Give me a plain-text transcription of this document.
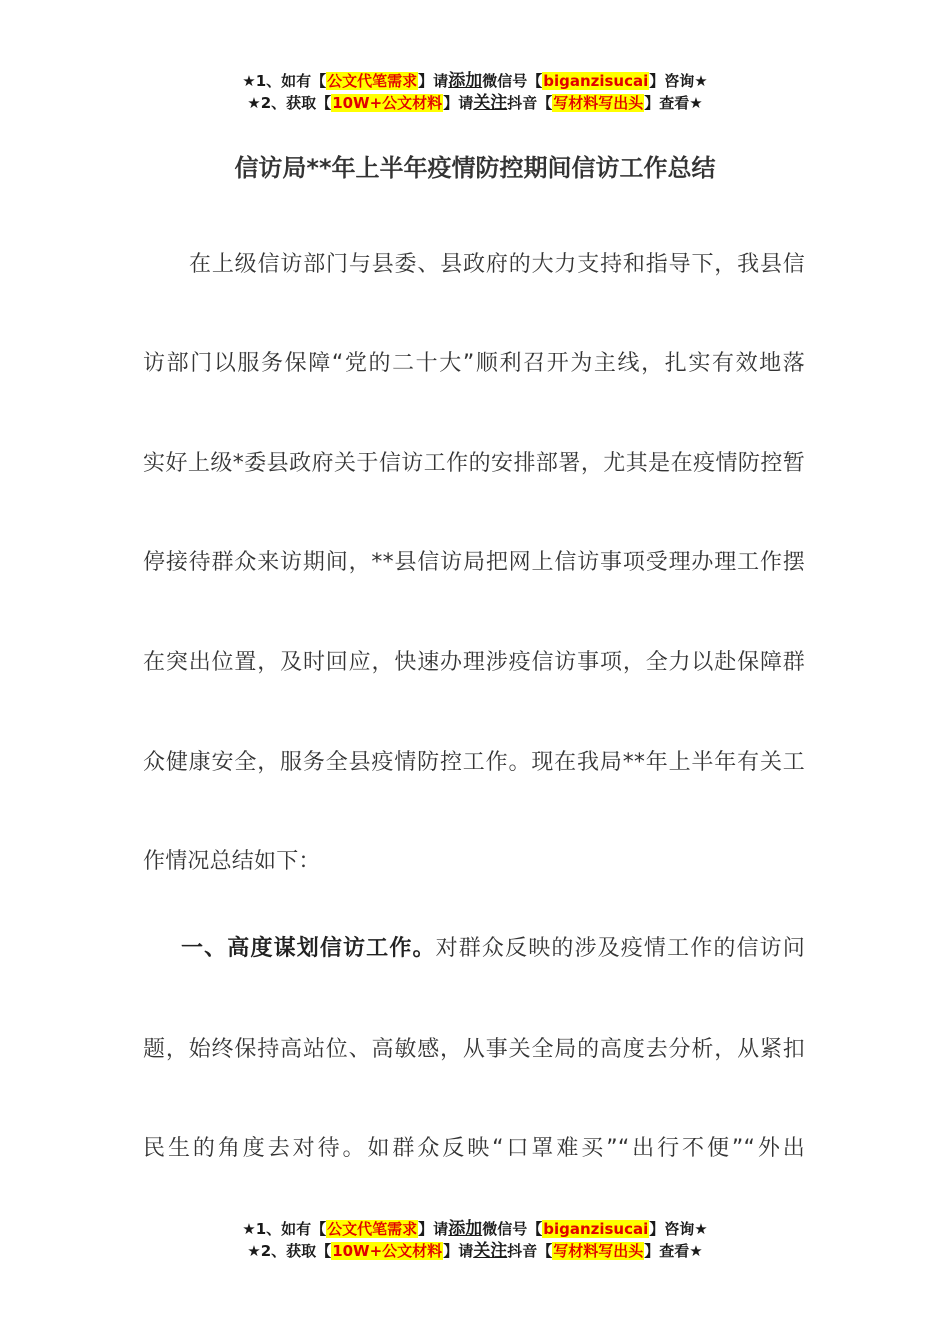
★1、如有【公文代笔需求】请添加微信号【biganzisucai】咨询★
★2、获取【10W+公文材料】请关注抖音【写材料写出头】查看★
信访局**年上半年疫情防控期间信访工作总结
在上级信访部门与县委、县政府的大力支持和指导下，我县信
访部门以服务保障“党的二十大”顺利召开为主线，扎实有效地落
实好上级*委县政府关于信访工作的安排部署，尤其是在疫情防控暂
停接待群众来访期间，**县信访局把网上信访事项受理办理工作摆
在突出位置，及时回应，快速办理涉疫信访事项，全力以赴保障群
众健康安全，服务全县疫情防控工作。现在我局**年上半年有关工
作情况总结如下：
一、高度谋划信访工作。对群众反映的涉及疫情工作的信访问
题，始终保持高站位、高敏感，从事关全局的高度去分析，从紧扣
民生的角度去对待。如群众反映“口罩难买”“出行不便”“外出
★1、如有【公文代笔需求】请添加微信号【biganzisucai】咨询★
★2、获取【10W+公文材料】请关注抖音【写材料写出头】查看★
